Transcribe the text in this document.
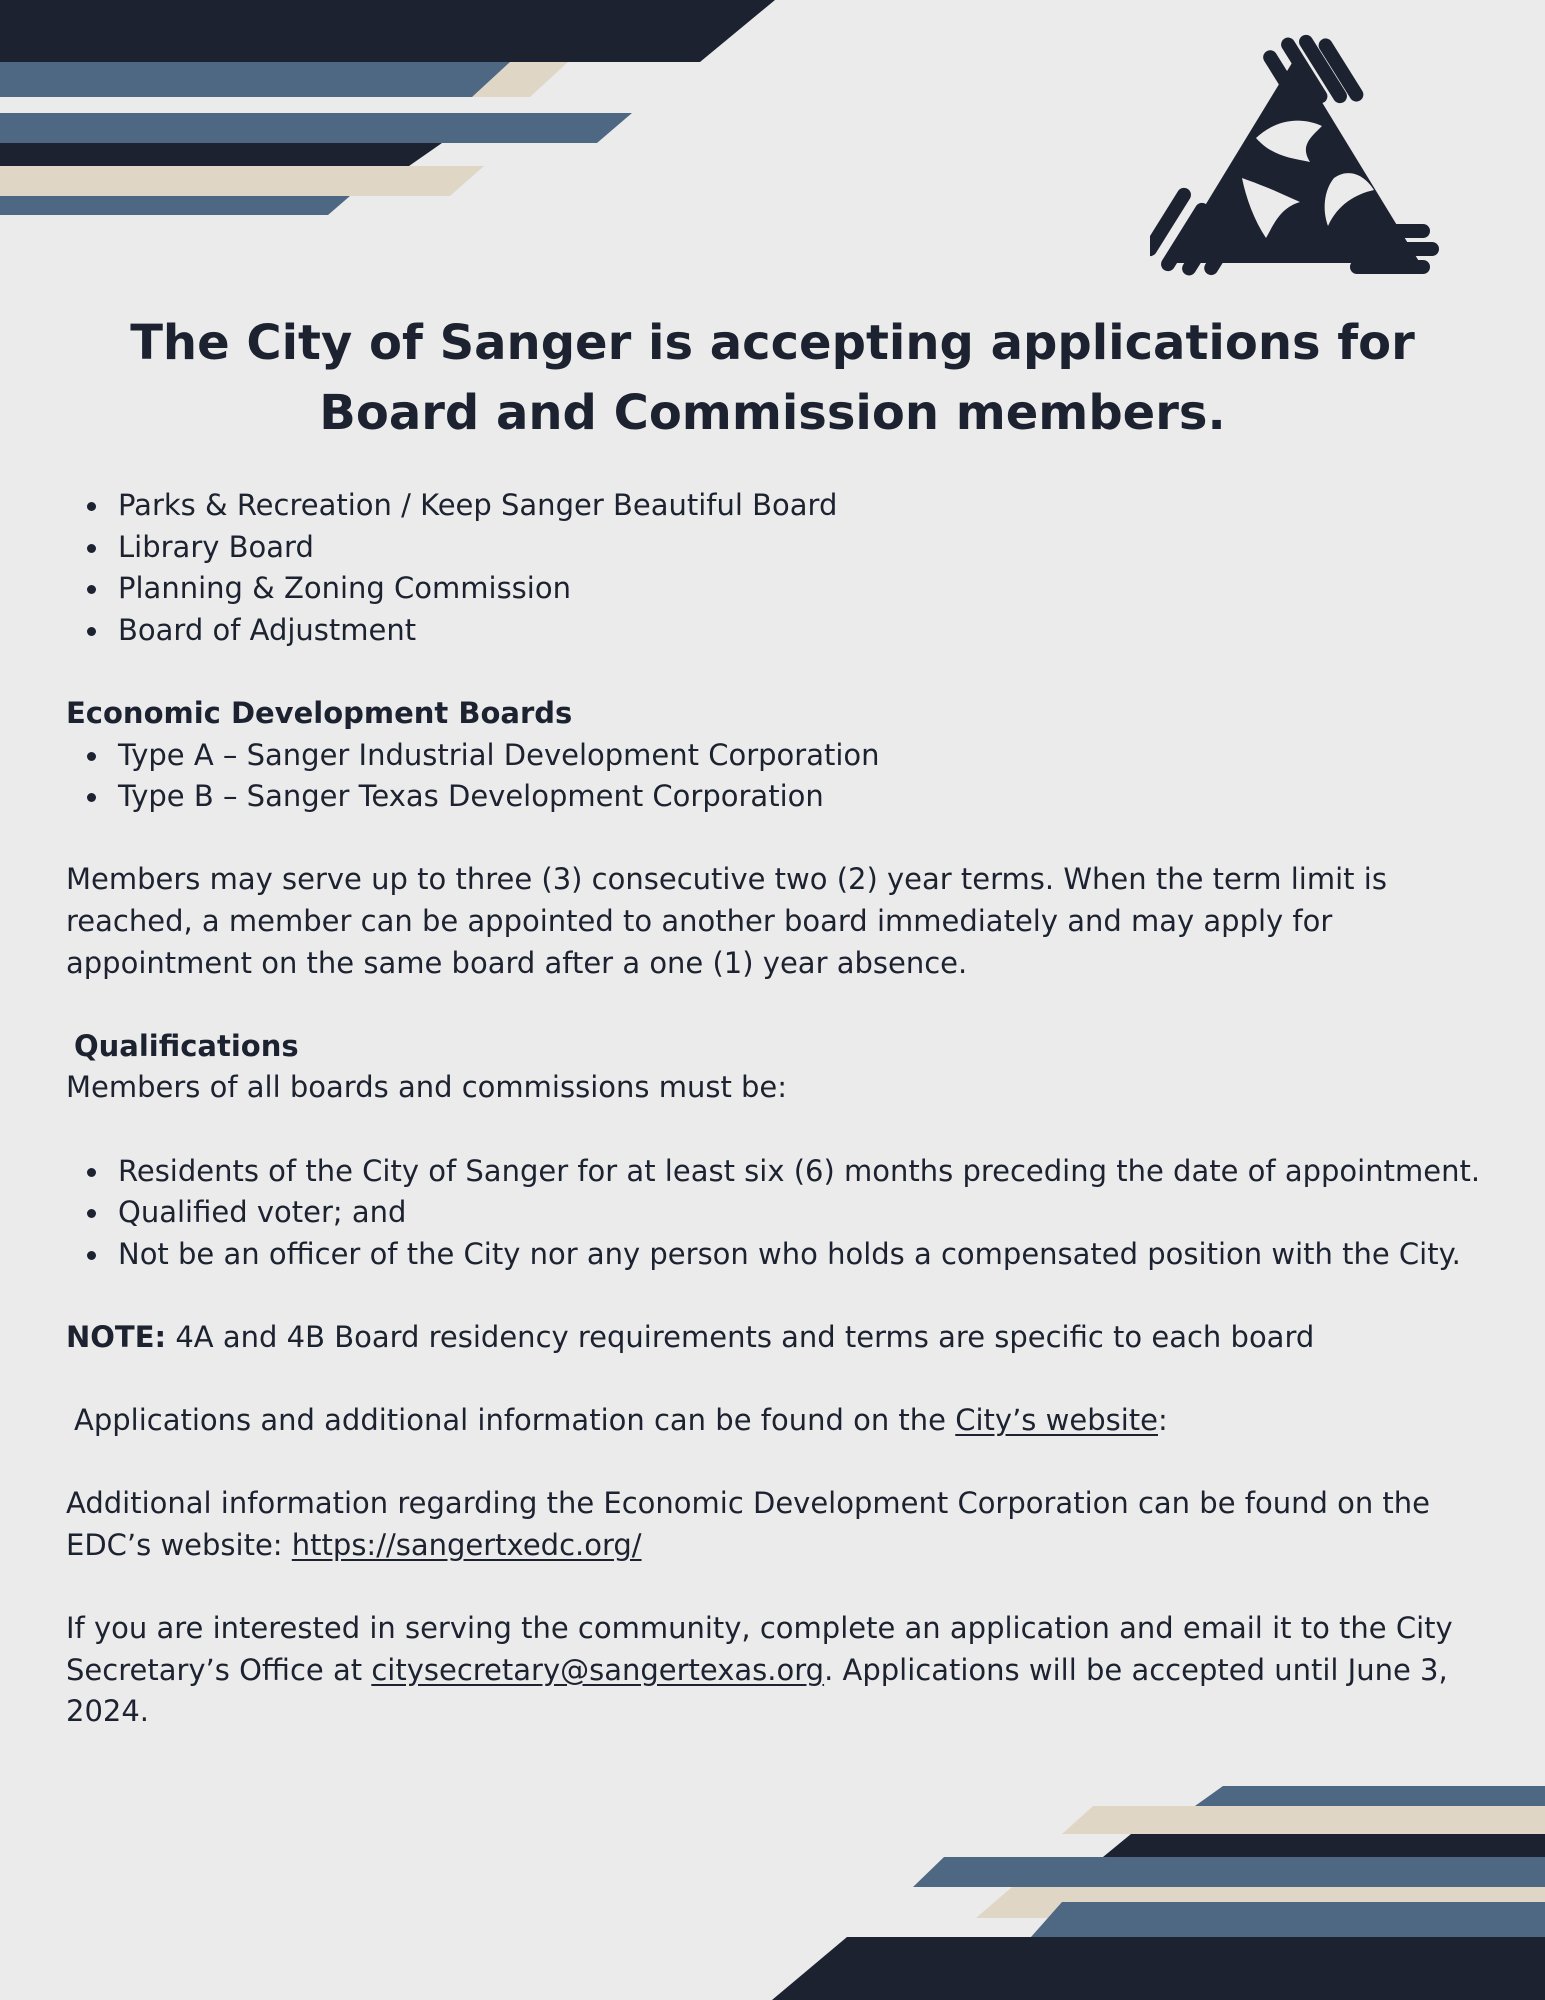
The City of Sanger is accepting applications for
Board and Commission members.
Parks & Recreation / Keep Sanger Beautiful Board
Library Board
Planning & Zoning Commission
Board of Adjustment

Economic Development Boards

Type A – Sanger Industrial Development Corporation
Type B – Sanger Texas Development Corporation

Members may serve up to three (3) consecutive two (2) year terms. When the term limit is reached, a member can be appointed to another board immediately and may apply for appointment on the same board after a one (1) year absence.

Qualifications

Members of all boards and commissions must be:

Residents of the City of Sanger for at least six (6) months preceding the date of appointment.
Qualified voter; and
Not be an officer of the City nor any person who holds a compensated position with the City.

NOTE: 4A and 4B Board residency requirements and terms are specific to each board

Applications and additional information can be found on the City’s website:

Additional information regarding the Economic Development Corporation can be found on the EDC’s website: https://sangertxedc.org/

If you are interested in serving the community, complete an application and email it to the City Secretary’s Office at citysecretary@sangertexas.org. Applications will be accepted until June 3, 2024.
